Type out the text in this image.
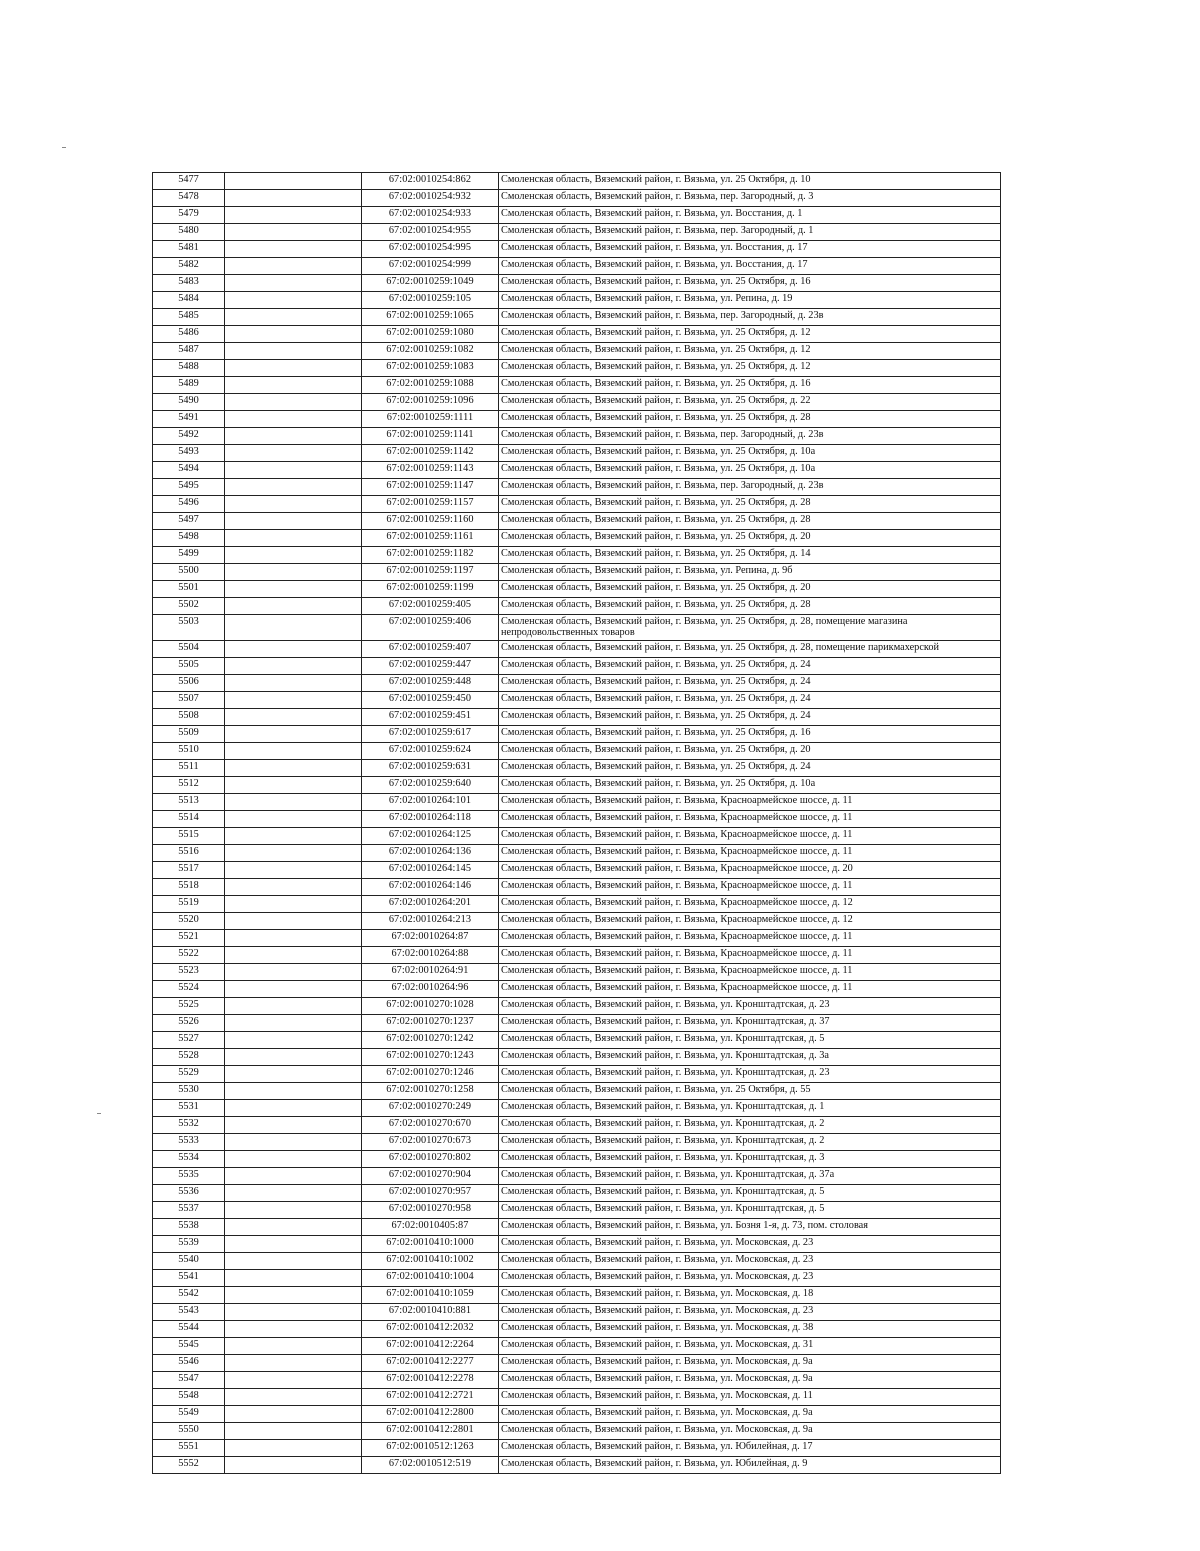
5477		67:02:0010254:862	Смоленская область, Вяземский район, г. Вязьма, ул. 25 Октября, д. 10
5478		67:02:0010254:932	Смоленская область, Вяземский район, г. Вязьма, пер. Загородный, д. 3
5479		67:02:0010254:933	Смоленская область, Вяземский район, г. Вязьма, ул. Восстания, д. 1
5480		67:02:0010254:955	Смоленская область, Вяземский район, г. Вязьма, пер. Загородный, д. 1
5481		67:02:0010254:995	Смоленская область, Вяземский район, г. Вязьма, ул. Восстания, д. 17
5482		67:02:0010254:999	Смоленская область, Вяземский район, г. Вязьма, ул. Восстания, д. 17
5483		67:02:0010259:1049	Смоленская область, Вяземский район, г. Вязьма, ул. 25 Октября, д. 16
5484		67:02:0010259:105	Смоленская область, Вяземский район, г. Вязьма, ул. Репина, д. 19
5485		67:02:0010259:1065	Смоленская область, Вяземский район, г. Вязьма, пер. Загородный, д. 23в
5486		67:02:0010259:1080	Смоленская область, Вяземский район, г. Вязьма, ул. 25 Октября, д. 12
5487		67:02:0010259:1082	Смоленская область, Вяземский район, г. Вязьма, ул. 25 Октября, д. 12
5488		67:02:0010259:1083	Смоленская область, Вяземский район, г. Вязьма, ул. 25 Октября, д. 12
5489		67:02:0010259:1088	Смоленская область, Вяземский район, г. Вязьма, ул. 25 Октября, д. 16
5490		67:02:0010259:1096	Смоленская область, Вяземский район, г. Вязьма, ул. 25 Октября, д. 22
5491		67:02:0010259:1111	Смоленская область, Вяземский район, г. Вязьма, ул. 25 Октября, д. 28
5492		67:02:0010259:1141	Смоленская область, Вяземский район, г. Вязьма, пер. Загородный, д. 23в
5493		67:02:0010259:1142	Смоленская область, Вяземский район, г. Вязьма, ул. 25 Октября, д. 10а
5494		67:02:0010259:1143	Смоленская область, Вяземский район, г. Вязьма, ул. 25 Октября, д. 10а
5495		67:02:0010259:1147	Смоленская область, Вяземский район, г. Вязьма, пер. Загородный, д. 23в
5496		67:02:0010259:1157	Смоленская область, Вяземский район, г. Вязьма, ул. 25 Октября, д. 28
5497		67:02:0010259:1160	Смоленская область, Вяземский район, г. Вязьма, ул. 25 Октября, д. 28
5498		67:02:0010259:1161	Смоленская область, Вяземский район, г. Вязьма, ул. 25 Октября, д. 20
5499		67:02:0010259:1182	Смоленская область, Вяземский район, г. Вязьма, ул. 25 Октября, д. 14
5500		67:02:0010259:1197	Смоленская область, Вяземский район, г. Вязьма, ул. Репина, д. 9б
5501		67:02:0010259:1199	Смоленская область, Вяземский район, г. Вязьма, ул. 25 Октября, д. 20
5502		67:02:0010259:405	Смоленская область, Вяземский район, г. Вязьма, ул. 25 Октября, д. 28
5503		67:02:0010259:406	Смоленская область, Вяземский район, г. Вязьма, ул. 25 Октября, д. 28, помещение магазина непродовольственных товаров
5504		67:02:0010259:407	Смоленская область, Вяземский район, г. Вязьма, ул. 25 Октября, д. 28, помещение парикмахерской
5505		67:02:0010259:447	Смоленская область, Вяземский район, г. Вязьма, ул. 25 Октября, д. 24
5506		67:02:0010259:448	Смоленская область, Вяземский район, г. Вязьма, ул. 25 Октября, д. 24
5507		67:02:0010259:450	Смоленская область, Вяземский район, г. Вязьма, ул. 25 Октября, д. 24
5508		67:02:0010259:451	Смоленская область, Вяземский район, г. Вязьма, ул. 25 Октября, д. 24
5509		67:02:0010259:617	Смоленская область, Вяземский район, г. Вязьма, ул. 25 Октября, д. 16
5510		67:02:0010259:624	Смоленская область, Вяземский район, г. Вязьма, ул. 25 Октября, д. 20
5511		67:02:0010259:631	Смоленская область, Вяземский район, г. Вязьма, ул. 25 Октября, д. 24
5512		67:02:0010259:640	Смоленская область, Вяземский район, г. Вязьма, ул. 25 Октября, д. 10а
5513		67:02:0010264:101	Смоленская область, Вяземский район, г. Вязьма, Красноармейское шоссе, д. 11
5514		67:02:0010264:118	Смоленская область, Вяземский район, г. Вязьма, Красноармейское шоссе, д. 11
5515		67:02:0010264:125	Смоленская область, Вяземский район, г. Вязьма, Красноармейское шоссе, д. 11
5516		67:02:0010264:136	Смоленская область, Вяземский район, г. Вязьма, Красноармейское шоссе, д. 11
5517		67:02:0010264:145	Смоленская область, Вяземский район, г. Вязьма, Красноармейское шоссе, д. 20
5518		67:02:0010264:146	Смоленская область, Вяземский район, г. Вязьма, Красноармейское шоссе, д. 11
5519		67:02:0010264:201	Смоленская область, Вяземский район, г. Вязьма, Красноармейское шоссе, д. 12
5520		67:02:0010264:213	Смоленская область, Вяземский район, г. Вязьма, Красноармейское шоссе, д. 12
5521		67:02:0010264:87	Смоленская область, Вяземский район, г. Вязьма, Красноармейское шоссе, д. 11
5522		67:02:0010264:88	Смоленская область, Вяземский район, г. Вязьма, Красноармейское шоссе, д. 11
5523		67:02:0010264:91	Смоленская область, Вяземский район, г. Вязьма, Красноармейское шоссе, д. 11
5524		67:02:0010264:96	Смоленская область, Вяземский район, г. Вязьма, Красноармейское шоссе, д. 11
5525		67:02:0010270:1028	Смоленская область, Вяземский район, г. Вязьма, ул. Кронштадтская, д. 23
5526		67:02:0010270:1237	Смоленская область, Вяземский район, г. Вязьма, ул. Кронштадтская, д. 37
5527		67:02:0010270:1242	Смоленская область, Вяземский район, г. Вязьма, ул. Кронштадтская, д. 5
5528		67:02:0010270:1243	Смоленская область, Вяземский район, г. Вязьма, ул. Кронштадтская, д. 3а
5529		67:02:0010270:1246	Смоленская область, Вяземский район, г. Вязьма, ул. Кронштадтская, д. 23
5530		67:02:0010270:1258	Смоленская область, Вяземский район, г. Вязьма, ул. 25 Октября, д. 55
5531		67:02:0010270:249	Смоленская область, Вяземский район, г. Вязьма, ул. Кронштадтская, д. 1
5532		67:02:0010270:670	Смоленская область, Вяземский район, г. Вязьма, ул. Кронштадтская, д. 2
5533		67:02:0010270:673	Смоленская область, Вяземский район, г. Вязьма, ул. Кронштадтская, д. 2
5534		67:02:0010270:802	Смоленская область, Вяземский район, г. Вязьма, ул. Кронштадтская, д. 3
5535		67:02:0010270:904	Смоленская область, Вяземский район, г. Вязьма, ул. Кронштадтская, д. 37а
5536		67:02:0010270:957	Смоленская область, Вяземский район, г. Вязьма, ул. Кронштадтская, д. 5
5537		67:02:0010270:958	Смоленская область, Вяземский район, г. Вязьма, ул. Кронштадтская, д. 5
5538		67:02:0010405:87	Смоленская область, Вяземский район, г. Вязьма, ул. Бозня 1-я, д. 73, пом. столовая
5539		67:02:0010410:1000	Смоленская область, Вяземский район, г. Вязьма, ул. Московская, д. 23
5540		67:02:0010410:1002	Смоленская область, Вяземский район, г. Вязьма, ул. Московская, д. 23
5541		67:02:0010410:1004	Смоленская область, Вяземский район, г. Вязьма, ул. Московская, д. 23
5542		67:02:0010410:1059	Смоленская область, Вяземский район, г. Вязьма, ул. Московская, д. 18
5543		67:02:0010410:881	Смоленская область, Вяземский район, г. Вязьма, ул. Московская, д. 23
5544		67:02:0010412:2032	Смоленская область, Вяземский район, г. Вязьма, ул. Московская, д. 38
5545		67:02:0010412:2264	Смоленская область, Вяземский район, г. Вязьма, ул. Московская, д. 31
5546		67:02:0010412:2277	Смоленская область, Вяземский район, г. Вязьма, ул. Московская, д. 9а
5547		67:02:0010412:2278	Смоленская область, Вяземский район, г. Вязьма, ул. Московская, д. 9а
5548		67:02:0010412:2721	Смоленская область, Вяземский район, г. Вязьма, ул. Московская, д. 11
5549		67:02:0010412:2800	Смоленская область, Вяземский район, г. Вязьма, ул. Московская, д. 9а
5550		67:02:0010412:2801	Смоленская область, Вяземский район, г. Вязьма, ул. Московская, д. 9а
5551		67:02:0010512:1263	Смоленская область, Вяземский район, г. Вязьма, ул. Юбилейная, д. 17
5552		67:02:0010512:519	Смоленская область, Вяземский район, г. Вязьма, ул. Юбилейная, д. 9
